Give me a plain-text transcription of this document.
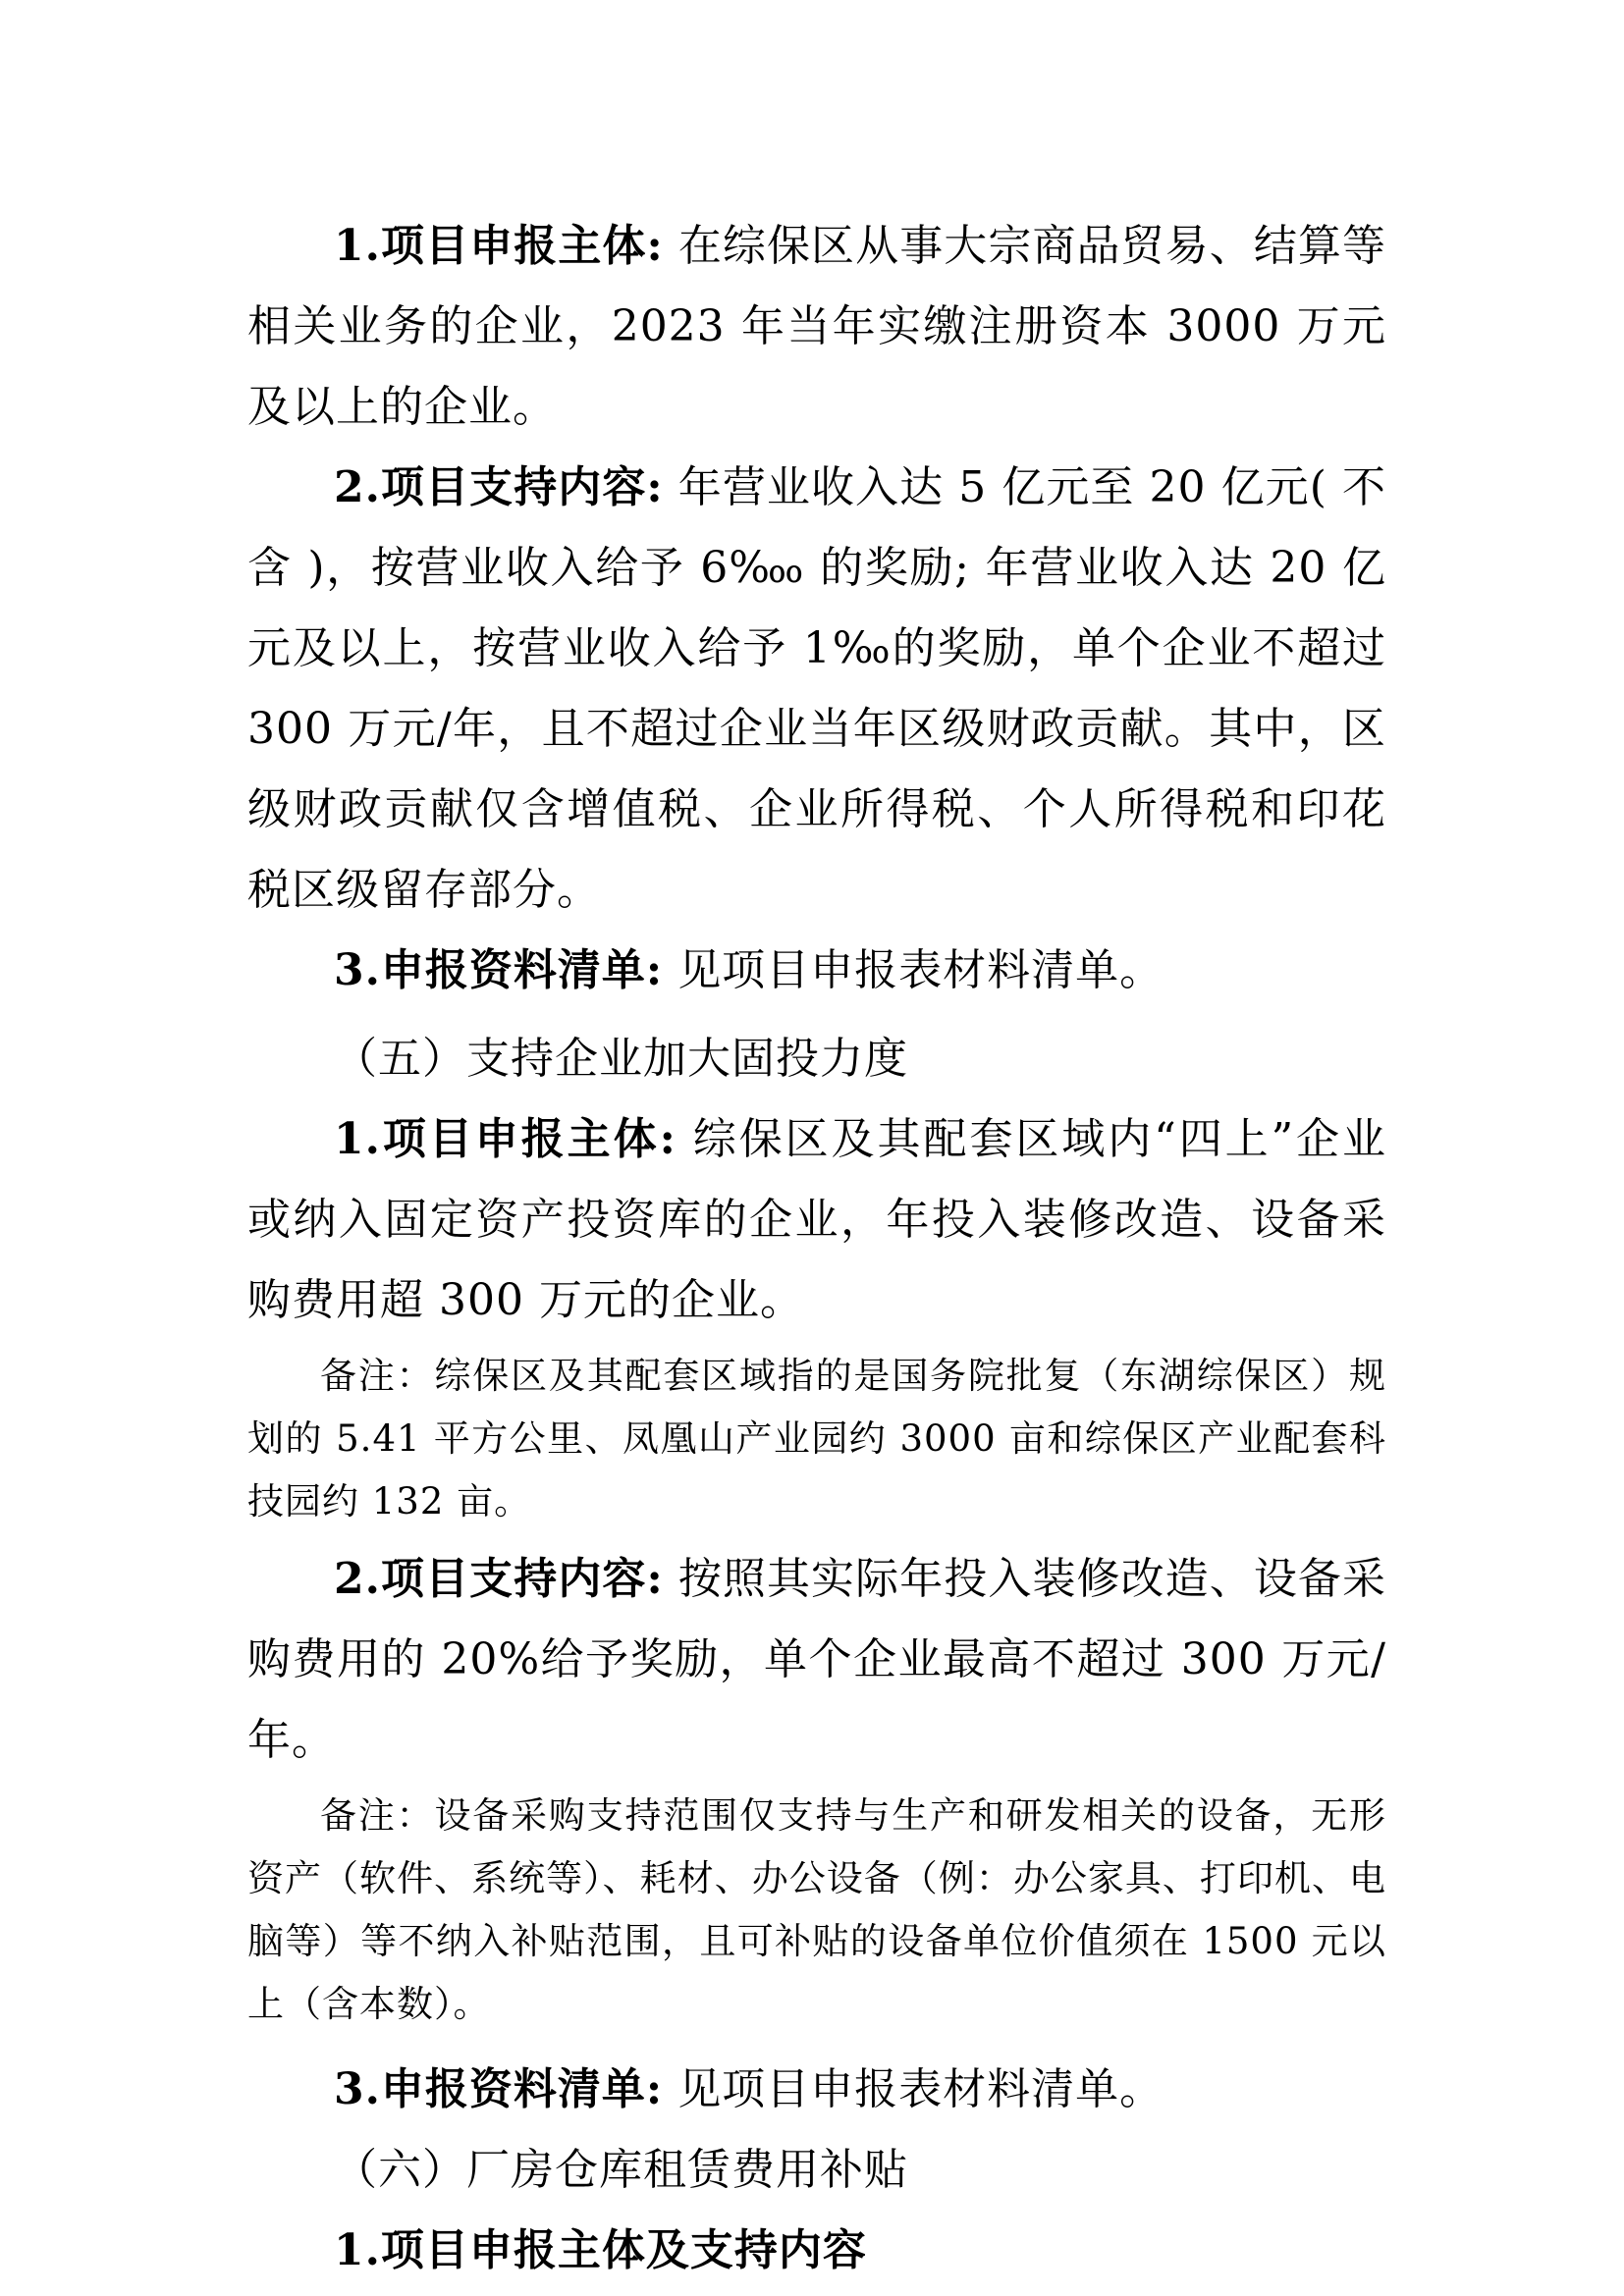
1.项目申报主体: 在综保区从事大宗商品贸易、结算等相关业务的企业，2023 年当年实缴注册资本 3000 万元及以上的企业。

2.项目支持内容: 年营业收入达 5 亿元至 20 亿元( 不含 )，按营业收入给予 6‱ 的奖励; 年营业收入达 20 亿元及以上，按营业收入给予 1‰的奖励，单个企业不超过 300 万元/年，且不超过企业当年区级财政贡献。其中，区级财政贡献仅含增值税、企业所得税、个人所得税和印花税区级留存部分。

3.申报资料清单: 见项目申报表材料清单。

（五）支持企业加大固投力度

1.项目申报主体: 综保区及其配套区域内“四上”企业或纳入固定资产投资库的企业，年投入装修改造、设备采购费用超 300 万元的企业。

备注：综保区及其配套区域指的是国务院批复（东湖综保区）规划的 5.41 平方公里、凤凰山产业园约 3000 亩和综保区产业配套科技园约 132 亩。

2.项目支持内容: 按照其实际年投入装修改造、设备采购费用的 20%给予奖励，单个企业最高不超过 300 万元/年。

备注：设备采购支持范围仅支持与生产和研发相关的设备，无形资产（软件、系统等）、耗材、办公设备（例：办公家具、打印机、电脑等）等不纳入补贴范围，且可补贴的设备单位价值须在 1500 元以上（含本数）。

3.申报资料清单: 见项目申报表材料清单。

（六）厂房仓库租赁费用补贴

1.项目申报主体及支持内容
